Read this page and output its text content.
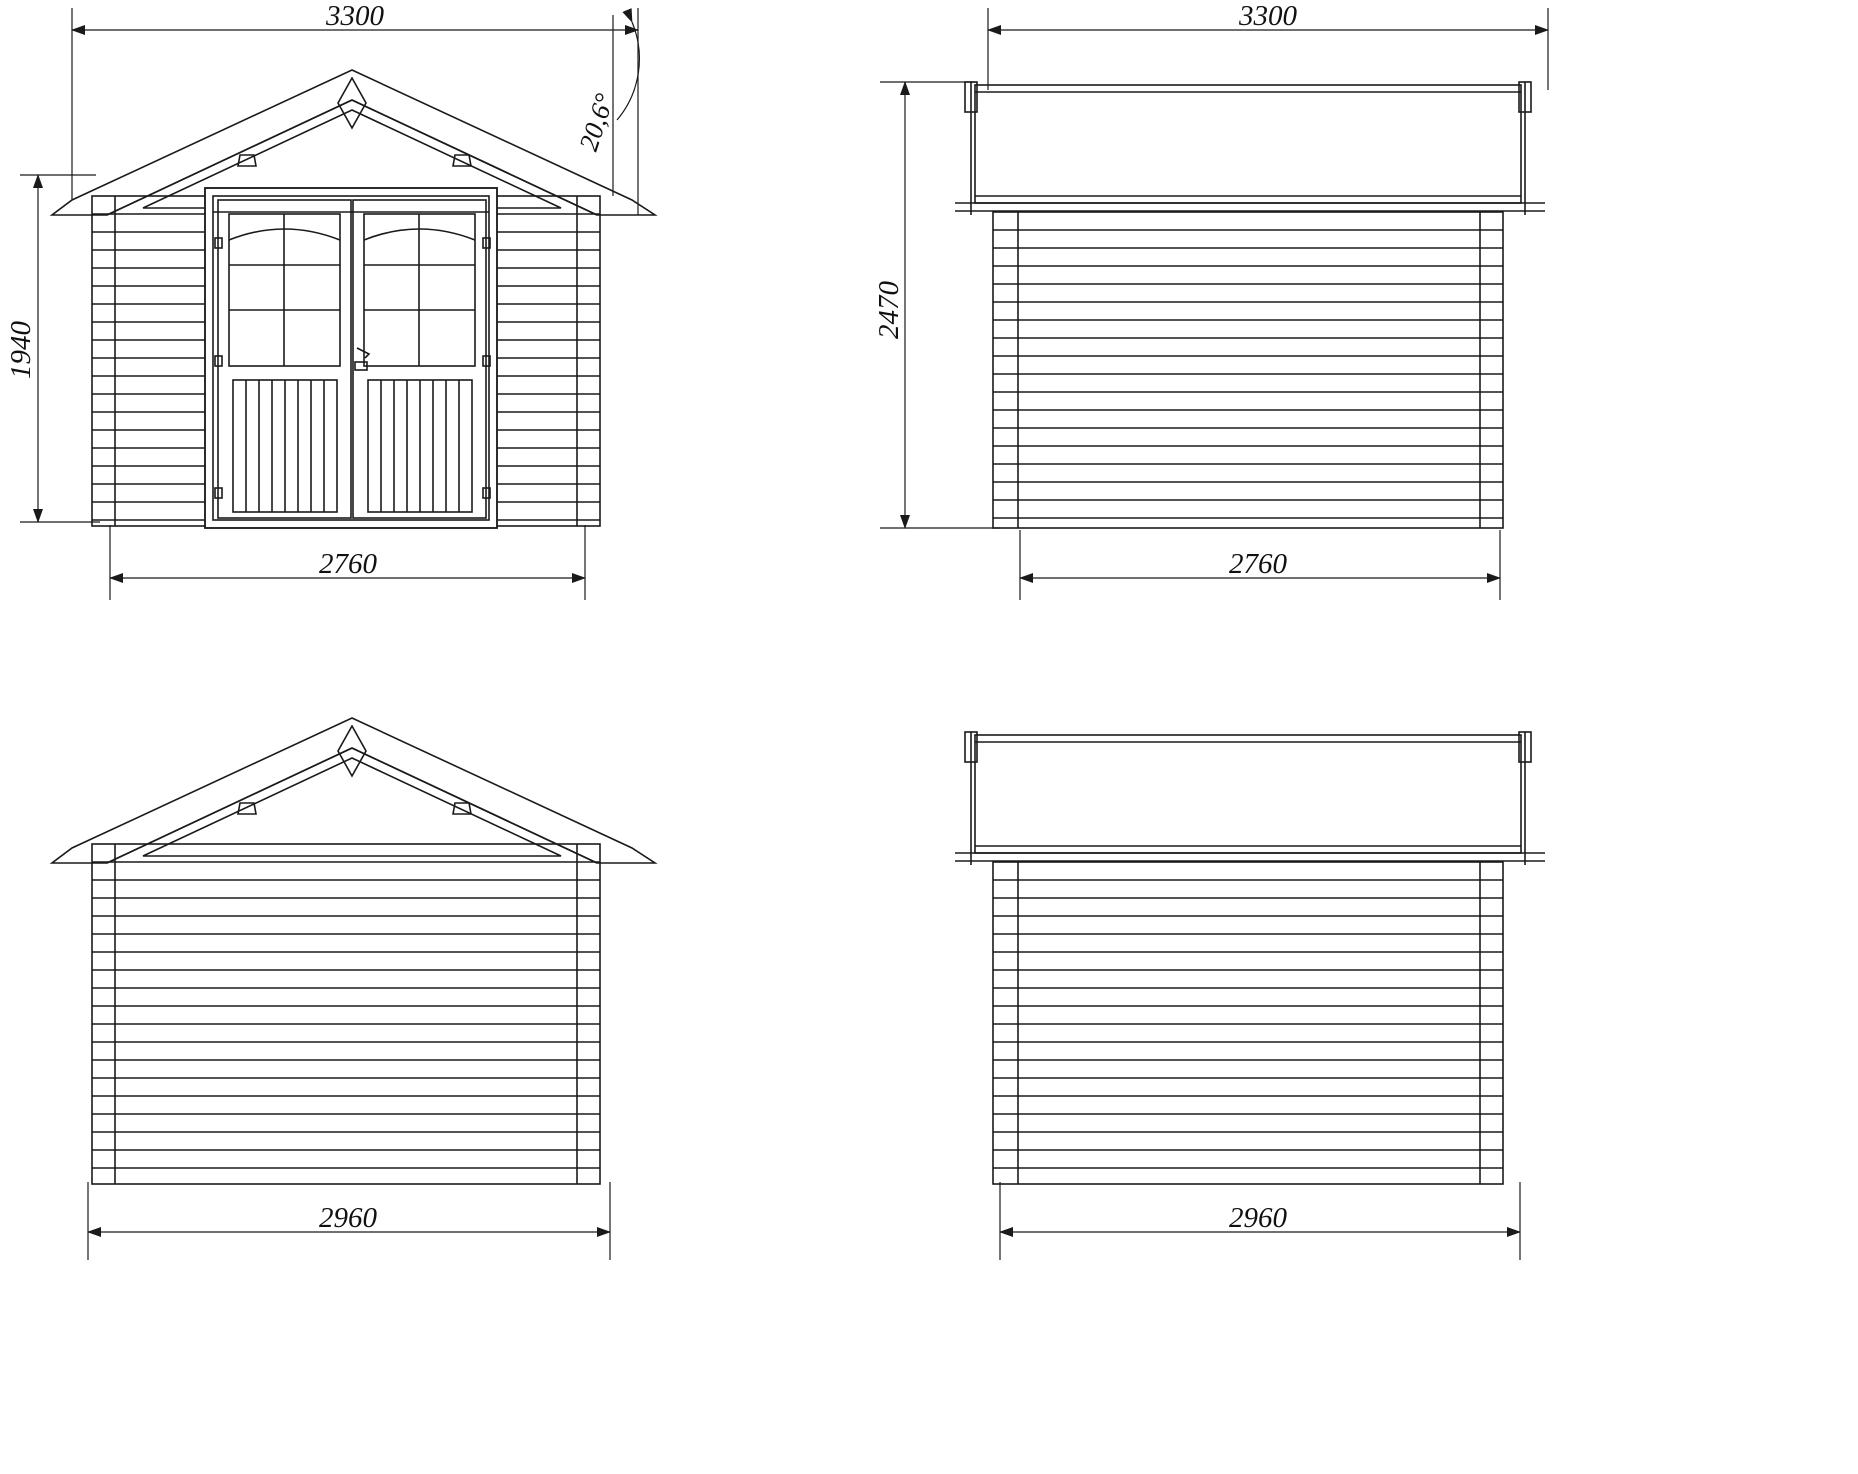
3300
1940
2760
20,6°
3300
2470
2760
2960	2960
